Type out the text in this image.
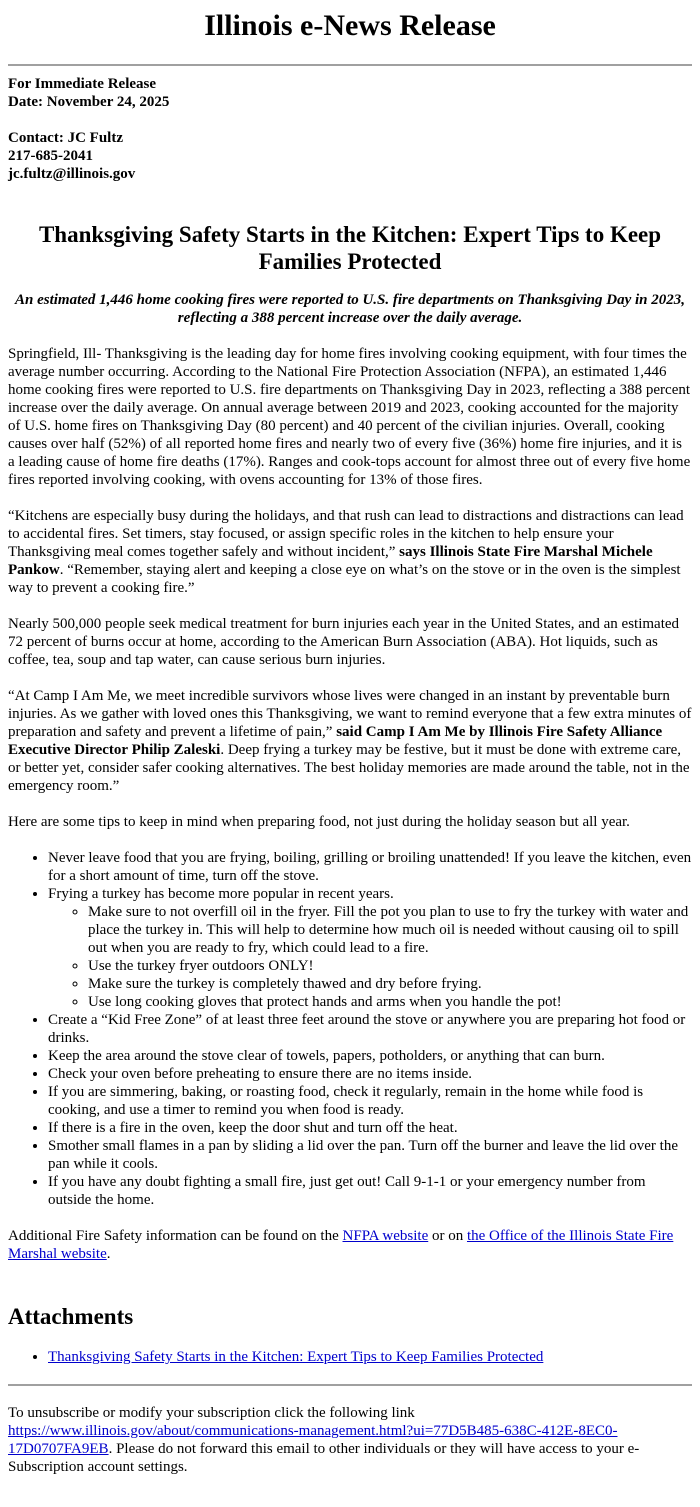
Illinois e-News Release
For Immediate Release
Date: November 24, 2025

Contact: JC Fultz
217-685-2041
jc.fultz@illinois.gov
Thanksgiving Safety Starts in the Kitchen: Expert Tips to Keep Families Protected

An estimated 1,446 home cooking fires were reported to U.S. fire departments on Thanksgiving Day in 2023, reflecting a 388 percent increase over the daily average.

Springfield, Ill- Thanksgiving is the leading day for home fires involving cooking equipment, with four times the average number occurring. According to the National Fire Protection Association (NFPA), an estimated 1,446 home cooking fires were reported to U.S. fire departments on Thanksgiving Day in 2023, reflecting a 388 percent increase over the daily average. On annual average between 2019 and 2023, cooking accounted for the majority of U.S. home fires on Thanksgiving Day (80 percent) and 40 percent of the civilian injuries. Overall, cooking causes over half (52%) of all reported home fires and nearly two of every five (36%) home fire injuries, and it is a leading cause of home fire deaths (17%). Ranges and cook-tops account for almost three out of every five home fires reported involving cooking, with ovens accounting for 13% of those fires.

“Kitchens are especially busy during the holidays, and that rush can lead to distractions and distractions can lead to accidental fires. Set timers, stay focused, or assign specific roles in the kitchen to help ensure your Thanksgiving meal comes together safely and without incident,” says Illinois State Fire Marshal Michele Pankow. “Remember, staying alert and keeping a close eye on what’s on the stove or in the oven is the simplest way to prevent a cooking fire.”

Nearly 500,000 people seek medical treatment for burn injuries each year in the United States, and an estimated 72 percent of burns occur at home, according to the American Burn Association (ABA). Hot liquids, such as coffee, tea, soup and tap water, can cause serious burn injuries.

“At Camp I Am Me, we meet incredible survivors whose lives were changed in an instant by preventable burn injuries. As we gather with loved ones this Thanksgiving, we want to remind everyone that a few extra minutes of preparation and safety and prevent a lifetime of pain,” said Camp I Am Me by Illinois Fire Safety Alliance Executive Director Philip Zaleski. Deep frying a turkey may be festive, but it must be done with extreme care, or better yet, consider safer cooking alternatives. The best holiday memories are made around the table, not in the emergency room.”

Here are some tips to keep in mind when preparing food, not just during the holiday season but all year.

• Never leave food that you are frying, boiling, grilling or broiling unattended! If you leave the kitchen, even for a short amount of time, turn off the stove.
• Frying a turkey has become more popular in recent years.
◦ Make sure to not overfill oil in the fryer. Fill the pot you plan to use to fry the turkey with water and place the turkey in. This will help to determine how much oil is needed without causing oil to spill out when you are ready to fry, which could lead to a fire.
◦ Use the turkey fryer outdoors ONLY!
◦ Make sure the turkey is completely thawed and dry before frying.
◦ Use long cooking gloves that protect hands and arms when you handle the pot!
• Create a “Kid Free Zone” of at least three feet around the stove or anywhere you are preparing hot food or drinks.
• Keep the area around the stove clear of towels, papers, potholders, or anything that can burn.
• Check your oven before preheating to ensure there are no items inside.
• If you are simmering, baking, or roasting food, check it regularly, remain in the home while food is cooking, and use a timer to remind you when food is ready.
• If there is a fire in the oven, keep the door shut and turn off the heat.
• Smother small flames in a pan by sliding a lid over the pan. Turn off the burner and leave the lid over the pan while it cools.
• If you have any doubt fighting a small fire, just get out! Call 9-1-1 or your emergency number from outside the home.

Additional Fire Safety information can be found on the NFPA website or on the Office of the Illinois State Fire Marshal website.

Attachments
• Thanksgiving Safety Starts in the Kitchen: Expert Tips to Keep Families Protected

To unsubscribe or modify your subscription click the following link
https://www.illinois.gov/about/communications-management.html?ui=77D5B485-638C-412E-8EC0-17D0707FA9EB. Please do not forward this email to other individuals or they will have access to your e-Subscription account settings.
